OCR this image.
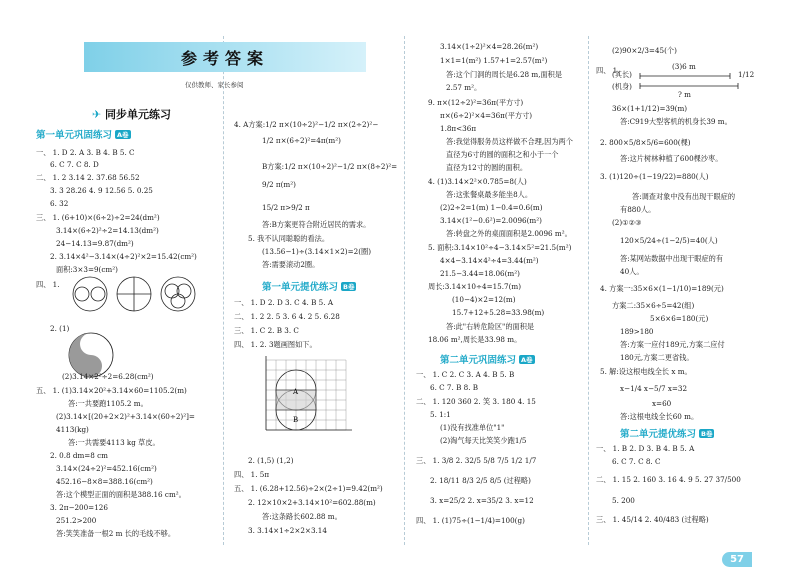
参考答案
仅供教师、家长参阅
✈ 同步单元练习
第一单元巩固练习 A卷
一、 1. D 2. A 3. B 4. B 5. C
6. C 7. C 8. D
二、 1. 2 3.14 2. 37.68 56.52
3. 3 28.26 4. 9 12.56 5. 0.25
6. 32
三、 1. (6+10)×(6÷2)÷2=24(dm²)
3.14×(6÷2)²÷2=14.13(dm²)
24−14.13=9.87(dm²)
2. 3.14×4²−3.14×(4÷2)²×2=15.42(cm²)
面积:3×3=9(cm²)
四、 1.
2. (1)
(2)3.14×2²÷2=6.28(cm²)
五、 1. (1)3.14×20²+3.14×60=1105.2(m)
答:一共要跑1105.2 m。
(2)3.14×[(20+2×2)²+3.14×(60÷2)²]=
4113(kg)
答:一共需要4113 kg 草皮。
2. 0.8 dm=8 cm
3.14×(24÷2)²=452.16(cm²)
452.16−8×8=388.16(cm²)
答:这个模型正面的面积是388.16 cm²。
3. 2π−200=126
251.2>200
答:笑笑准备一根2 m 长的毛线不够。
4. A方案:1/2 π×(10÷2)²−1/2 π×(2÷2)²−
1/2 π×(6÷2)²=4π(m²)
B方案:1/2 π×(10÷2)²−1/2 π×(8÷2)²=
9/2 π(m²)
15/2 π>9/2 π
答:B方案更符合附近居民的需求。
5. 我不认同聪聪的看法。
(13.56−1)÷(3.14×1×2)=2(圈)
答:需要滚动2圈。
第一单元提优练习 B卷
一、 1. D 2. D 3. C 4. B 5. A
二、 1. 2 2. 5 3. 6 4. 2 5. 6.28
三、 1. C 2. B 3. C
四、 1. 2. 3题画图如下。
A
B
2. (1,5) (1,2)
四、 1. 5π
五、 1. (6.28+12.56)÷2×(2÷1)=9.42(m²)
2. 12×10×2+3.14×10²=602.88(m)
答:这条路长602.88 m。
3. 3.14×1÷2×2×3.14
3.14×(1÷2)²×4=28.26(m²)
1×1=1(m²) 1.57+1=2.57(m²)
答:这个门洞的周长是6.28 m,面积是
2.57 m²。
9. π×(12÷2)²=36π(平方寸)
π×(6÷2)²×4=36π(平方寸)
1.8π<36π
答:我觉得服务员这样做不合理,因为两个
直径为6寸的圆的面积之和小于一个
直径为12寸的圆的面积。
4. (1)3.14×2²×0.785=8(人)
答:这张餐桌最多能坐8人。
(2)2÷2=1(m) 1−0.4=0.6(m)
3.14×(1²−0.6²)=2.0096(m²)
答:转盘之外的桌面面积是2.0096 m²。
5. 面积:3.14×10²÷4−3.14×5²=21.5(m²)
4×4−3.14×4²÷4=3.44(m²)
21.5−3.44=18.06(m²)
周长:3.14×10÷4=15.7(m)
(10−4)×2=12(m)
15.7+12+5.28=33.98(m)
答:此"右转危险区"的面积是
18.06 m²,周长是33.98 m。
第二单元巩固练习 A卷
一、 1. C 2. C 3. A 4. B 5. B
6. C 7. B 8. B
二、 1. 120 360 2. 笑 3. 180 4. 15
5. 1:1
(1)没有找准单位"1"
(2)淘气每天比笑笑少跑1/5
三、 1. 3/8 2. 32/5 5/8 7/5 1/2 1/7
2. 18/11 8/3 2/5 8/5 (过程略)
3. x=25/2 2. x=35/2 3. x=12
四、 1. (1)75÷(1−1/4)=100(g)
(2)90×2/3=45(个)
四、 1.
(其长)
(3)6 m
1/12
(机身)
? m
36×(1+1/12)=39(m)
答:C919大型客机的机身长39 m。
2. 800×5/8×5/6=600(棵)
答:这片树林种植了600棵沙枣。
3. (1)120÷(1−19/22)=880(人)
答:调查对象中没有出现干眼症的
有880人。
(2)①②③
120×5/24÷(1−2/5)=40(人)
答:某网站数据中出现干眼症的有
40人。
4. 方案一:35×6×(1−1/10)=189(元)
方案二:35×6÷5=42(组)
5×6×6=180(元)
189>180
答:方案一应付189元,方案二应付
180元,方案二更省钱。
5. 解:设这根电线全长 x m。
x−1/4 x−5/7 x=32
x=60
答:这根电线全长60 m。
第二单元提优练习 B卷
一、 1. B 2. D 3. B 4. B 5. A
6. C 7. C 8. C
二、 1. 15 2. 160 3. 16 4. 9 5. 27 37/500
5. 200
三、 1. 45/14 2. 40/483 (过程略)
57
